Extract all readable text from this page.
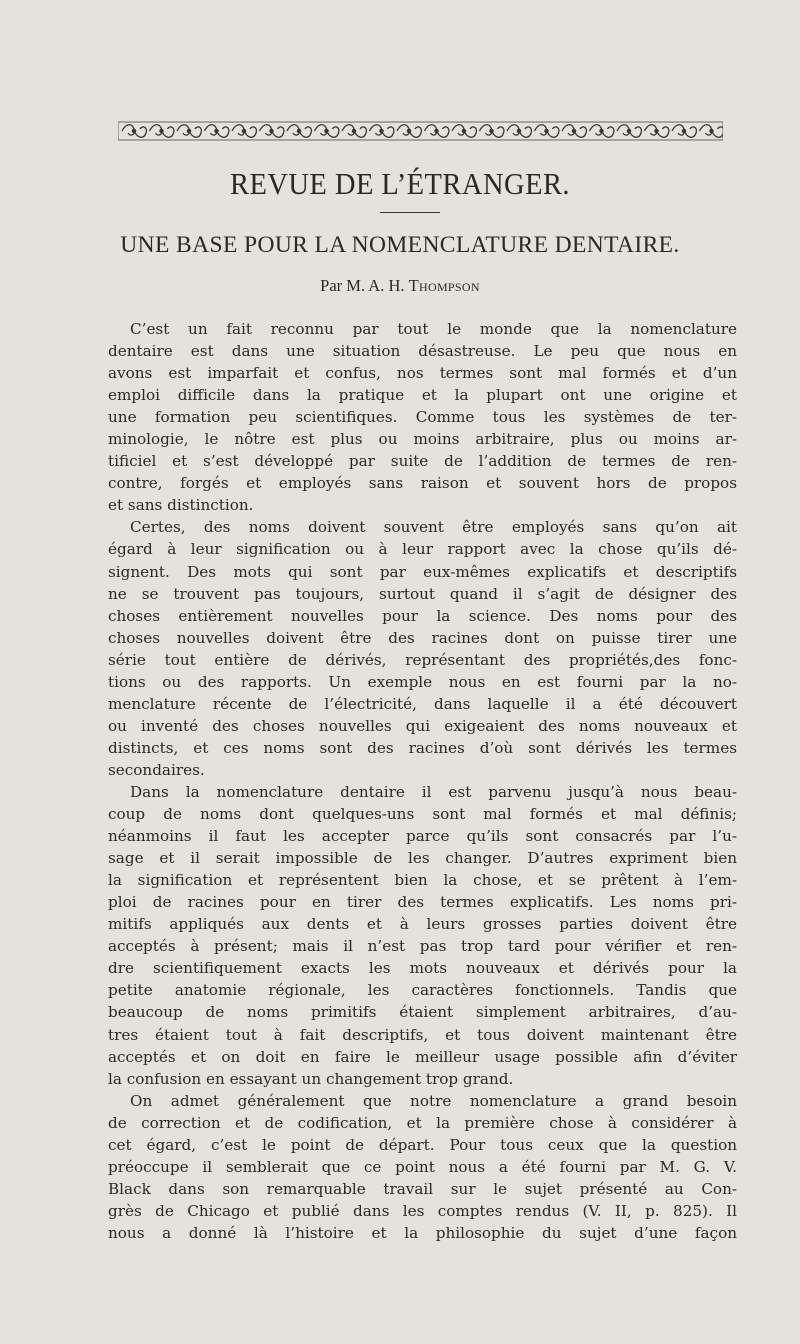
REVUE DE L’ÉTRANGER.
UNE BASE POUR LA NOMENCLATURE DENTAIRE.
Par M. A. H. Thompson
C’est un fait reconnu par tout le monde que la nomenclature
dentaire est dans une situation désastreuse. Le peu que nous en
avons est imparfait et confus, nos termes sont mal formés et d’un
emploi difficile dans la pratique et la plupart ont une origine et
une formation peu scientifiques. Comme tous les systèmes de ter-
minologie, le nôtre est plus ou moins arbitraire, plus ou moins ar-
tificiel et s’est développé par suite de l’addition de termes de ren-
contre, forgés et employés sans raison et souvent hors de propos
et sans distinction.
Certes, des noms doivent souvent être employés sans qu’on ait
égard à leur signification ou à leur rapport avec la chose qu’ils dé-
signent. Des mots qui sont par eux-mêmes explicatifs et descriptifs
ne se trouvent pas toujours, surtout quand il s’agit de désigner des
choses entièrement nouvelles pour la science. Des noms pour des
choses nouvelles doivent être des racines dont on puisse tirer une
série tout entière de dérivés, représentant des propriétés,des fonc-
tions ou des rapports. Un exemple nous en est fourni par la no-
menclature récente de l’électricité, dans laquelle il a été découvert
ou inventé des choses nouvelles qui exigeaient des noms nouveaux et
distincts, et ces noms sont des racines d’où sont dérivés les termes
secondaires.
Dans la nomenclature dentaire il est parvenu jusqu’à nous beau-
coup de noms dont quelques-uns sont mal formés et mal définis;
néanmoins il faut les accepter parce qu’ils sont consacrés par l’u-
sage et il serait impossible de les changer. D’autres expriment bien
la signification et représentent bien la chose, et se prêtent à l’em-
ploi de racines pour en tirer des termes explicatifs. Les noms pri-
mitifs appliqués aux dents et à leurs grosses parties doivent être
acceptés à présent; mais il n’est pas trop tard pour vérifier et ren-
dre scientifiquement exacts les mots nouveaux et dérivés pour la
petite anatomie régionale, les caractères fonctionnels. Tandis que
beaucoup de noms primitifs étaient simplement arbitraires, d’au-
tres étaient tout à fait descriptifs, et tous doivent maintenant être
acceptés et on doit en faire le meilleur usage possible afin d’éviter
la confusion en essayant un changement trop grand.
On admet généralement que notre nomenclature a grand besoin
de correction et de codification, et la première chose à considérer à
cet égard, c’est le point de départ. Pour tous ceux que la question
préoccupe il semblerait que ce point nous a été fourni par M. G. V.
Black dans son remarquable travail sur le sujet présenté au Con-
grès de Chicago et publié dans les comptes rendus (V. II, p. 825). Il
nous a donné là l’histoire et la philosophie du sujet d’une façon
